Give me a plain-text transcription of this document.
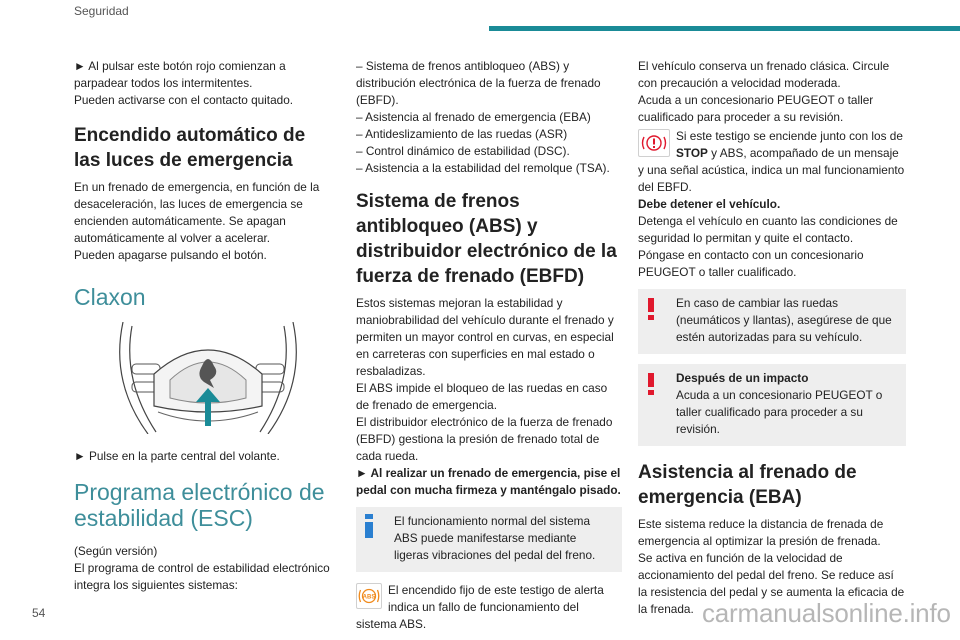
Seguridad

► Al pulsar este botón rojo comienzan a parpadear todos los intermitentes.

Pueden activarse con el contacto quitado.

Encendido automático de las luces de emergencia

En un frenado de emergencia, en función de la desaceleración, las luces de emergencia se encienden automáticamente. Se apagan automáticamente al volver a acelerar.

Pueden apagarse pulsando el botón.

Claxon

► Pulse en la parte central del volante.

Programa electrónico de estabilidad (ESC)

(Según versión)

El programa de control de estabilidad electrónico integra los siguientes sistemas:

– Sistema de frenos antibloqueo (ABS) y distribución electrónica de la fuerza de frenado (EBFD).

– Asistencia al frenado de emergencia (EBA)

– Antideslizamiento de las ruedas (ASR)

– Control dinámico de estabilidad (DSC).

– Asistencia a la estabilidad del remolque (TSA).

Sistema de frenos antibloqueo (ABS) y distribuidor electrónico de la fuerza de frenado (EBFD)

Estos sistemas mejoran la estabilidad y maniobrabilidad del vehículo durante el frenado y permiten un mayor control en curvas, en especial en carreteras con superficies en mal estado o resbaladizas.

El ABS impide el bloqueo de las ruedas en caso de frenado de emergencia.

El distribuidor electrónico de la fuerza de frenado (EBFD) gestiona la presión de frenado total de cada rueda.

► Al realizar un frenado de emergencia, pise el pedal con mucha firmeza y manténgalo pisado.

El funcionamiento normal del sistema ABS puede manifestarse mediante ligeras vibraciones del pedal del freno.

ABS

El encendido fijo de este testigo de alerta indica un fallo de funcionamiento del sistema ABS.

El vehículo conserva un frenado clásica. Circule con precaución a velocidad moderada.

Acuda a un concesionario PEUGEOT o taller cualificado para proceder a su revisión.

Si este testigo se enciende junto con los de STOP y ABS, acompañado de un mensaje y una señal acústica, indica un mal funcionamiento del EBFD.

Debe detener el vehículo.

Detenga el vehículo en cuanto las condiciones de seguridad lo permitan y quite el contacto.

Póngase en contacto con un concesionario PEUGEOT o taller cualificado.

En caso de cambiar las ruedas (neumáticos y llantas), asegúrese de que estén autorizadas para su vehículo.

Después de un impacto

Acuda a un concesionario PEUGEOT o taller cualificado para proceder a su revisión.

Asistencia al frenado de emergencia (EBA)

Este sistema reduce la distancia de frenada de emergencia al optimizar la presión de frenada.

Se activa en función de la velocidad de accionamiento del pedal del freno. Se reduce así la resistencia del pedal y se aumenta la eficacia de la frenada.

54	carmanualsonline.info
